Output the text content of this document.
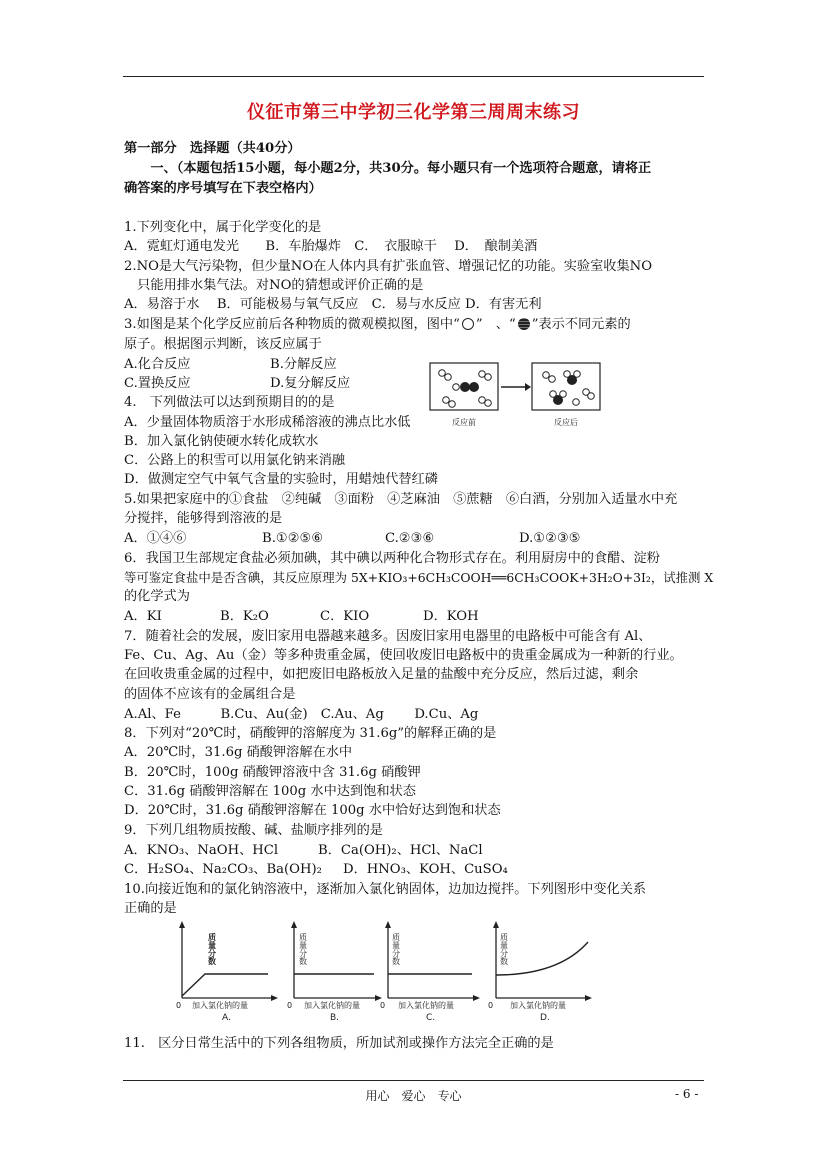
仪征市第三中学初三化学第三周周末练习
第一部分　选择题（共40分）
　　一、（本题包括15小题，每小题2分，共30分。每小题只有一个选项符合题意，请将正
确答案的序号填写在下表空格内）
1.下列变化中，属于化学变化的是
A．霓虹灯通电发光　　B．车胎爆炸　C．　衣服晾干　 D．　酿制美酒
2.NO是大气污染物，但少量NO在人体内具有扩张血管、增强记忆的功能。实验室收集NO
　只能用排水集气法。对NO的猜想或评价正确的是
A．易溶于水　 B．可能极易与氧气反应　C．易与水反应 D．有害无利
3.如图是某个化学反应前后各种物质的微观模拟图，图中“ ”　、“ ”表示不同元素的
原子。根据图示判断，该反应属于
A.化合反应	B.分解反应
C.置换反应	D.复分解反应
反应前	反应后
4.　下列做法可以达到预期目的的是
A．少量固体物质溶于水形成稀溶液的沸点比水低
B．加入氯化钠使硬水转化成软水
C．公路上的积雪可以用氯化钠来消融
D．做测定空气中氧气含量的实验时，用蜡烛代替红磷
5.如果把家庭中的①食盐　②纯碱　③面粉　④芝麻油　⑤蔗糖　⑥白酒，分别加入适量水中充
分搅拌，能够得到溶液的是
A．①④⑥	B.①②⑤⑥	C.②③⑥	D.①②③⑤
6．我国卫生部规定食盐必须加碘，其中碘以两种化合物形式存在。利用厨房中的食醋、淀粉
等可鉴定食盐中是否含碘，其反应原理为 5X+KIO₃+6CH₃COOH══6CH₃COOK+3H₂O+3I₂，试推测 X
的化学式为
A．KI	B．K₂O	C．KIO	D．KOH
7．随着社会的发展，废旧家用电器越来越多。因废旧家用电器里的电路板中可能含有 Al、
Fe、Cu、Ag、Au（金）等多种贵重金属，使回收废旧电路板中的贵重金属成为一种新的行业。
在回收贵重金属的过程中，如把废旧电路板放入足量的盐酸中充分反应，然后过滤，剩余
的固体不应该有的金属组合是
A.Al、Fe　　　B.Cu、Au(金)　C.Au、Ag　　 D.Cu、Ag
8．下列对“20℃时，硝酸钾的溶解度为 31.6g”的解释正确的是
A．20℃时，31.6g 硝酸钾溶解在水中
B．20℃时，100g 硝酸钾溶液中含 31.6g 硝酸钾
C．31.6g 硝酸钾溶解在 100g 水中达到饱和状态
D．20℃时，31.6g 硝酸钾溶解在 100g 水中恰好达到饱和状态
9．下列几组物质按酸、碱、盐顺序排列的是
A．KNO₃、NaOH、HCl	B．Ca(OH)₂、HCl、NaCl
C．H₂SO₄、Na₂CO₃、Ba(OH)₂ D．HNO₃、KOH、CuSO₄
10.向接近饱和的氯化钠溶液中，逐渐加入氯化钠固体，边加边搅拌。下列图形中变化关系
正确的是
质量分数
0 加入氯化钠的量
A.
质量分数
0 加入氯化钠的量
B.
质量分数
0 加入氯化钠的量
C.
质量分数
0 加入氯化钠的量
D.
11.　区分日常生活中的下列各组物质，所加试剂或操作方法完全正确的是
用心　爱心　专心	- 6 -
